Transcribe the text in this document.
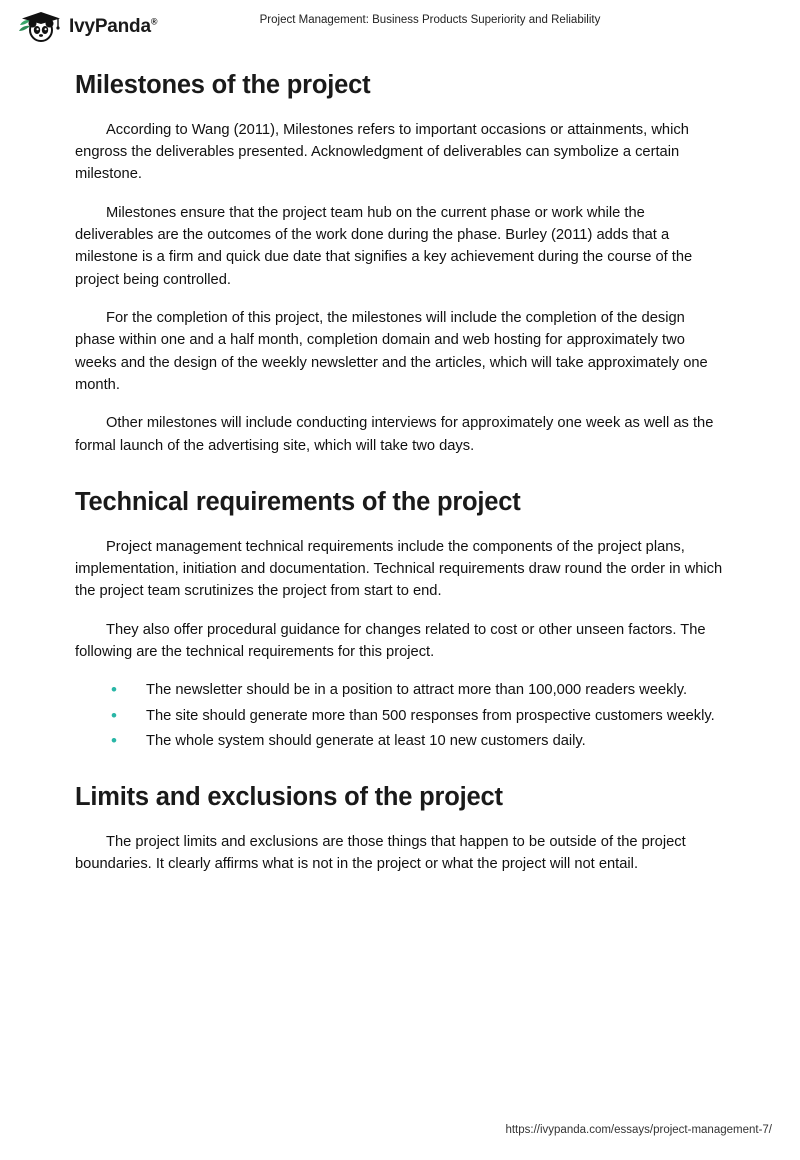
IvyPanda®	Project Management: Business Products Superiority and Reliability
Milestones of the project

According to Wang (2011), Milestones refers to important occasions or attainments, which engross the deliverables presented. Acknowledgment of deliverables can symbolize a certain milestone.

Milestones ensure that the project team hub on the current phase or work while the deliverables are the outcomes of the work done during the phase. Burley (2011) adds that a milestone is a firm and quick due date that signifies a key achievement during the course of the project being controlled.

For the completion of this project, the milestones will include the completion of the design phase within one and a half month, completion domain and web hosting for approximately two weeks and the design of the weekly newsletter and the articles, which will take approximately one month.

Other milestones will include conducting interviews for approximately one week as well as the formal launch of the advertising site, which will take two days.

Technical requirements of the project

Project management technical requirements include the components of the project plans, implementation, initiation and documentation. Technical requirements draw round the order in which the project team scrutinizes the project from start to end.

They also offer procedural guidance for changes related to cost or other unseen factors. The following are the technical requirements for this project.

• The newsletter should be in a position to attract more than 100,000 readers weekly.
• The site should generate more than 500 responses from prospective customers weekly.
• The whole system should generate at least 10 new customers daily.
Limits and exclusions of the project

The project limits and exclusions are those things that happen to be outside of the project boundaries. It clearly affirms what is not in the project or what the project will not entail.

https://ivypanda.com/essays/project-management-7/
